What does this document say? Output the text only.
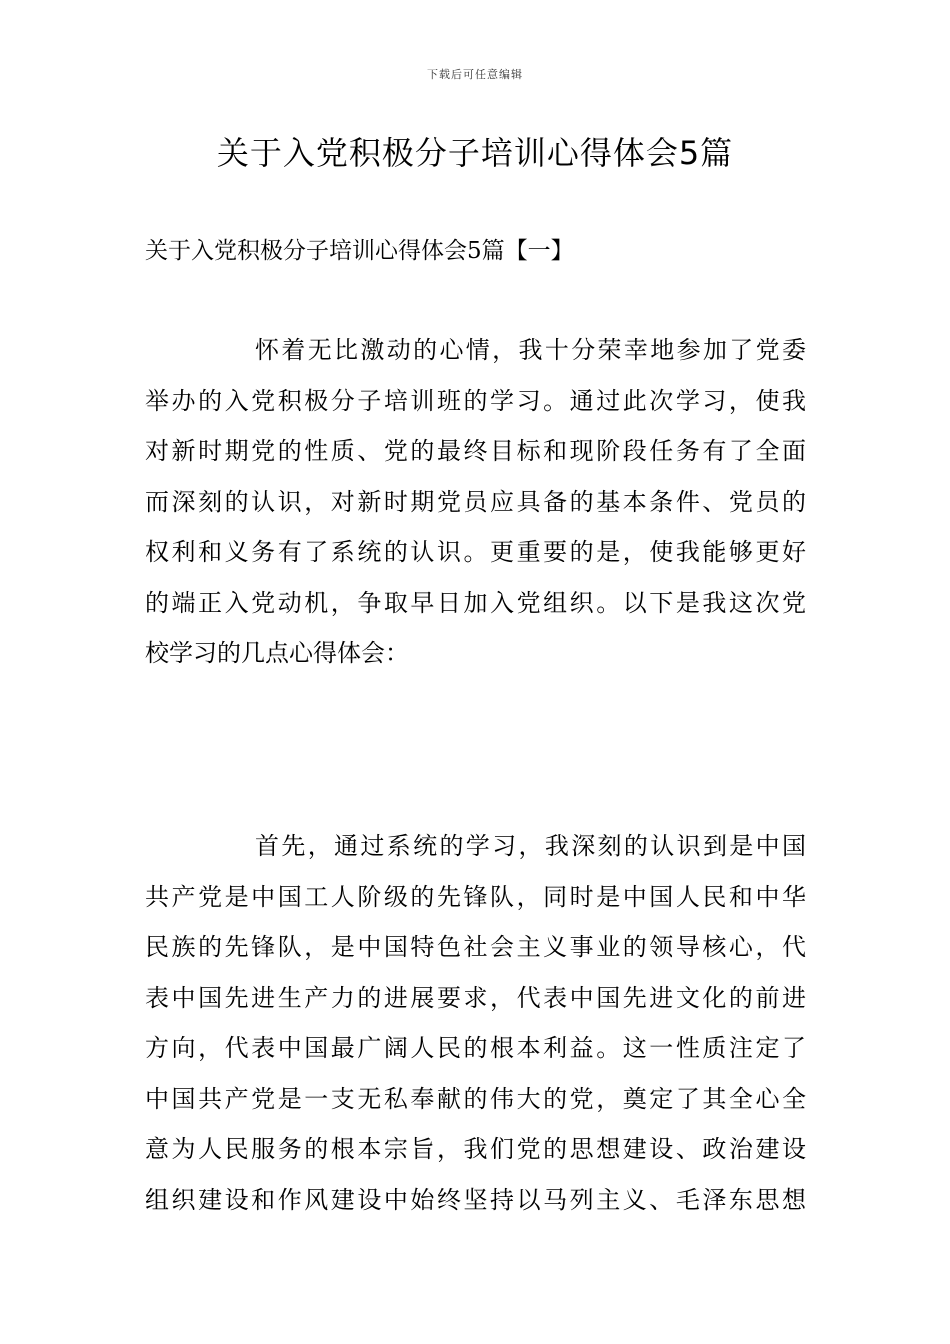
下载后可任意编辑
关于入党积极分子培训心得体会5篇
关于入党积极分子培训心得体会5篇【一】
怀着无比激动的心情，我十分荣幸地参加了党委
举办的入党积极分子培训班的学习。通过此次学习，使我
对新时期党的性质、党的最终目标和现阶段任务有了全面
而深刻的认识，对新时期党员应具备的基本条件、党员的
权利和义务有了系统的认识。更重要的是，使我能够更好
的端正入党动机，争取早日加入党组织。以下是我这次党
校学习的几点心得体会：
首先，通过系统的学习，我深刻的认识到是中国
共产党是中国工人阶级的先锋队，同时是中国人民和中华
民族的先锋队，是中国特色社会主义事业的领导核心，代
表中国先进生产力的进展要求，代表中国先进文化的前进
方向，代表中国最广阔人民的根本利益。这一性质注定了
中国共产党是一支无私奉献的伟大的党，奠定了其全心全
意为人民服务的根本宗旨，我们党的思想建设、政治建设
组织建设和作风建设中始终坚持以马列主义、毛泽东思想
